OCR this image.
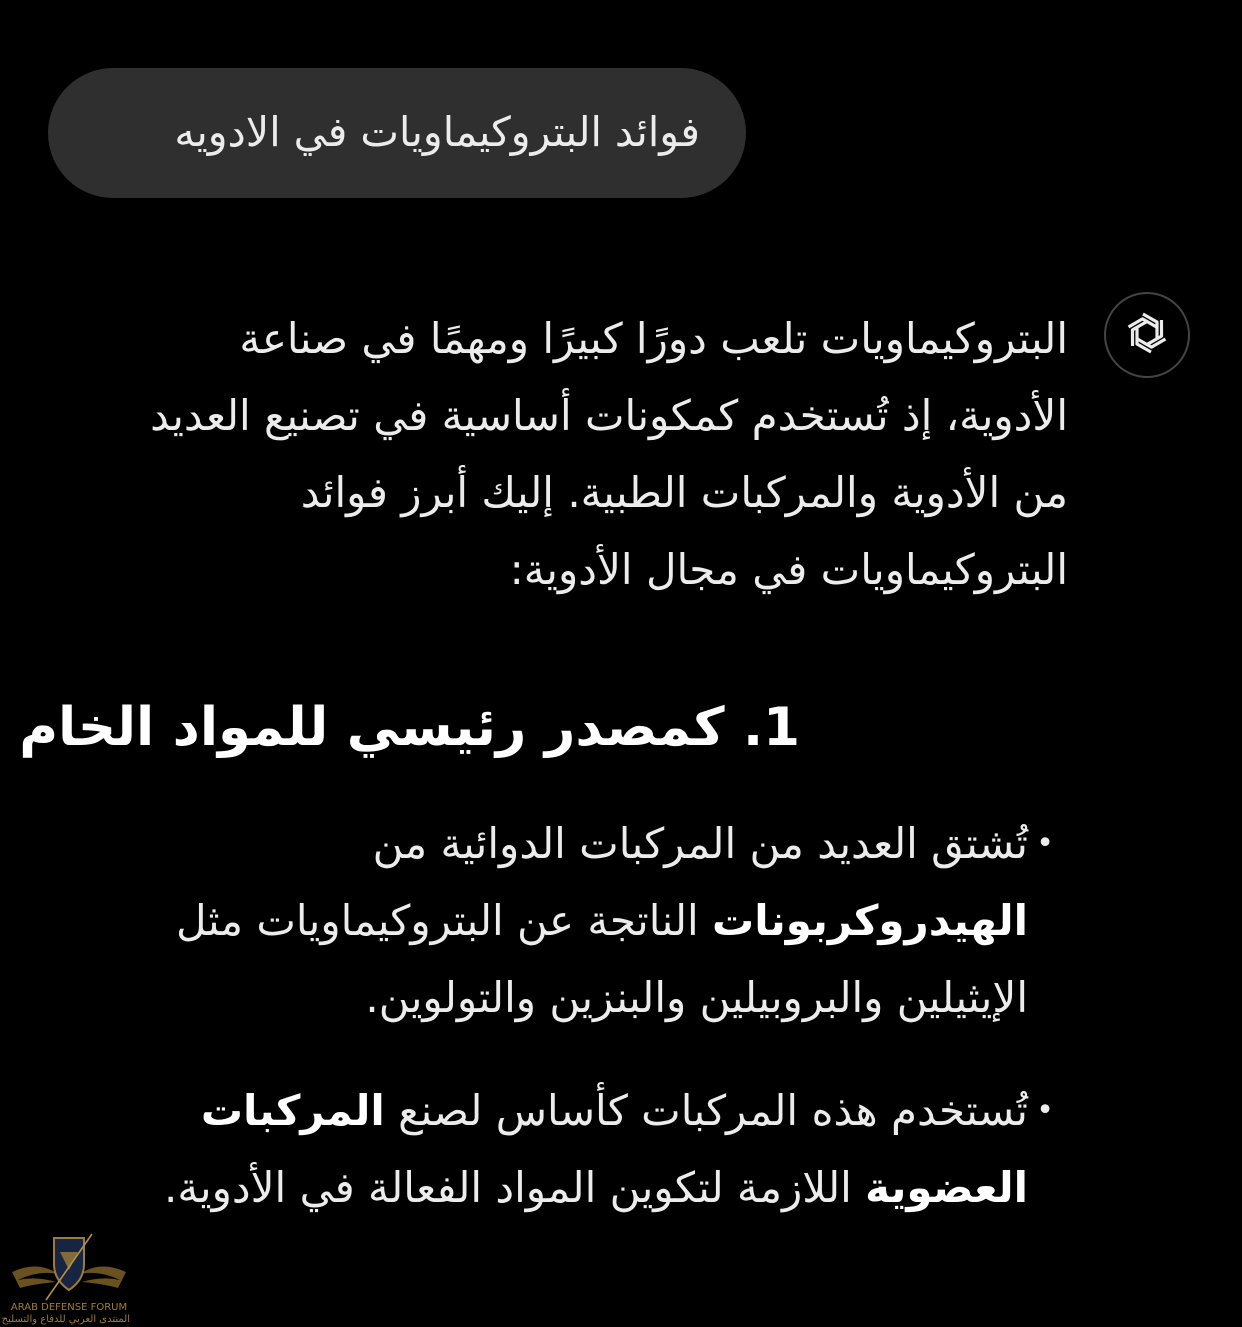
فوائد البتروكيماويات في الادويه

البتروكيماويات تلعب دورًا كبيرًا ومهمًا في صناعة الأدوية، إذ تُستخدم كمكونات أساسية في تصنيع العديد من الأدوية والمركبات الطبية. إليك أبرز فوائد البتروكيماويات في مجال الأدوية:

1. كمصدر رئيسي للمواد الخام
•
تُشتق العديد من المركبات الدوائية من الهيدروكربونات الناتجة عن البتروكيماويات مثل الإيثيلين والبروبيلين والبنزين والتولوين.
•
تُستخدم هذه المركبات كأساس لصنع المركبات العضوية اللازمة لتكوين المواد الفعالة في الأدوية.
ARAB DEFENSE FORUM
المنتدى العربي للدفاع والتسليح
